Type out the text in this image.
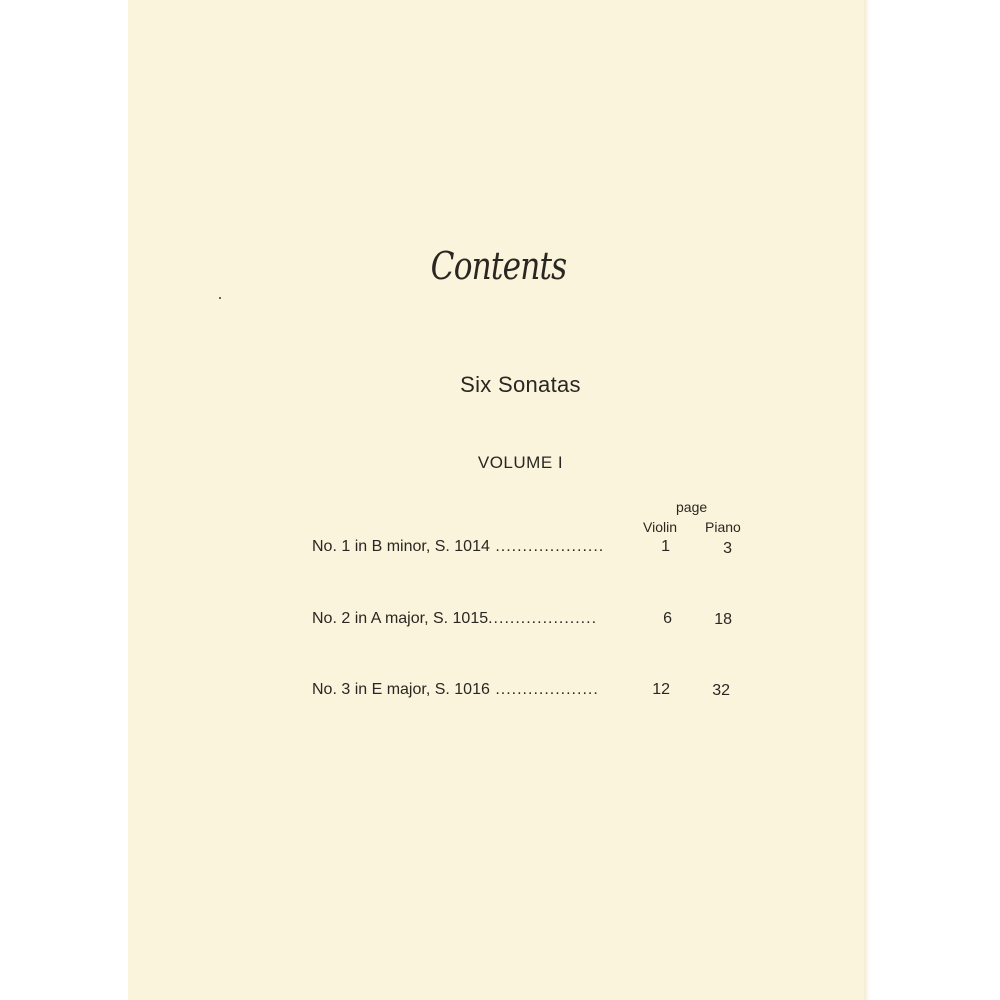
Contents
Six Sonatas
VOLUME I
page
Violin Piano
No. 1 in B minor, S. 1014 ....................	1	3
No. 2 in A major, S. 1015....................	6	18
No. 3 in E major, S. 1016 ...................	12	32
